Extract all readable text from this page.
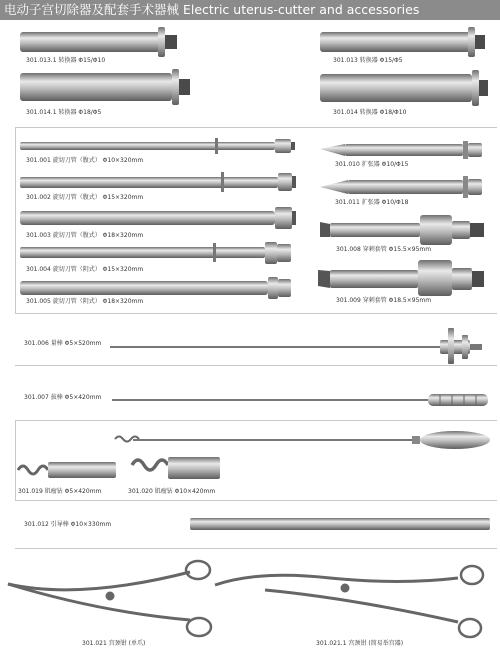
电动子宫切除器及配套手术器械 Electric uterus-cutter and accessories
301.013.1 转换器 Φ15/Φ10	301.013 转换器 Φ15/Φ5
301.014.1 转换器 Φ18/Φ5	301.014 转换器 Φ18/Φ10
301.001 旋切刀管（腹式） Φ10×320mm
301.002 旋切刀管（腹式） Φ15×320mm
301.003 旋切刀管（腹式） Φ18×320mm
301.004 旋切刀管（阴式） Φ15×320mm
301.005 旋切刀管（阴式） Φ18×320mm
301.010 扩张器 Φ10/Φ15
301.011 扩张器 Φ10/Φ18
301.008 穿刺套管 Φ15.5×95mm
301.009 穿刺套管 Φ18.5×95mm
301.006 量棒 Φ5×520mm
301.007 拔棒 Φ5×420mm
301.019 肌瘤钻 Φ5×420mm	301.020 肌瘤钻 Φ10×420mm
301.012 引导棒 Φ10×330mm
301.021 宫颈钳 (单爪)	301.021.1 宫颈钳 (简易举宫器)
